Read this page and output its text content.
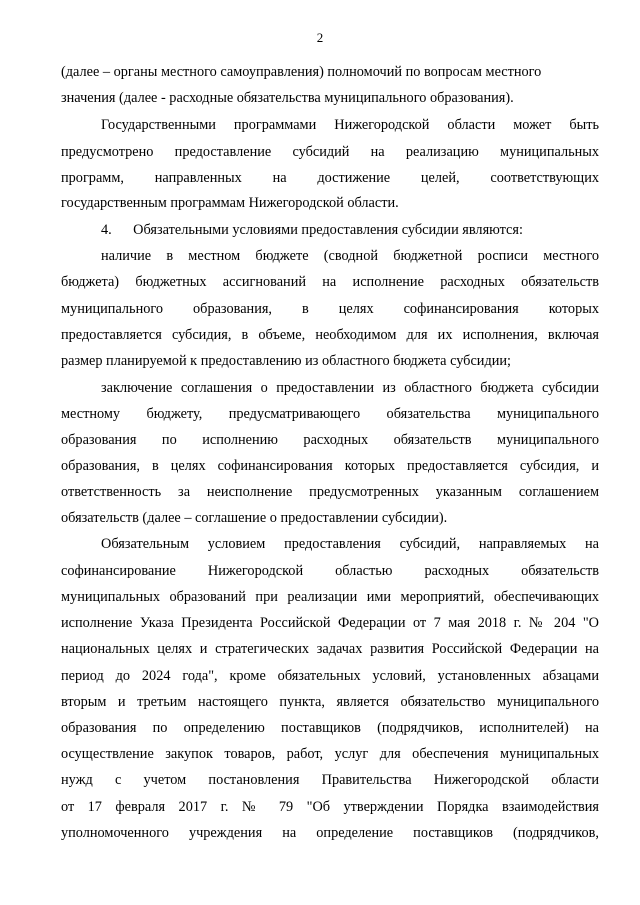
2
(далее – органы местного самоуправления) полномочий по вопросам местного
значения (далее - расходные обязательства муниципального образования).
Государственными программами Нижегородской области может быть
предусмотрено предоставление субсидий на реализацию муниципальных
программ, направленных на достижение целей, соответствующих
государственным программам Нижегородской области.
4.      Обязательными условиями предоставления субсидии являются:
наличие в местном бюджете (сводной бюджетной росписи местного
бюджета) бюджетных ассигнований на исполнение расходных обязательств
муниципального образования, в целях софинансирования которых
предоставляется субсидия, в объеме, необходимом для их исполнения, включая
размер планируемой к предоставлению из областного бюджета субсидии;
заключение соглашения о предоставлении из областного бюджета субсидии
местному бюджету, предусматривающего обязательства муниципального
образования по исполнению расходных обязательств муниципального
образования, в целях софинансирования которых предоставляется субсидия, и
ответственность за неисполнение предусмотренных указанным соглашением
обязательств (далее – соглашение о предоставлении субсидии).
Обязательным условием предоставления субсидий, направляемых на
софинансирование Нижегородской областью расходных обязательств
муниципальных образований при реализации ими мероприятий, обеспечивающих
исполнение Указа Президента Российской Федерации от 7 мая 2018 г. № 204 "О
национальных целях и стратегических задачах развития Российской Федерации на
период до 2024 года", кроме обязательных условий, установленных абзацами
вторым и третьим настоящего пункта, является обязательство муниципального
образования по определению поставщиков (подрядчиков, исполнителей) на
осуществление закупок товаров, работ, услуг для обеспечения муниципальных
нужд с учетом постановления Правительства Нижегородской области
от 17 февраля 2017 г. № 79 "Об утверждении Порядка взаимодействия
уполномоченного учреждения на определение поставщиков (подрядчиков,
